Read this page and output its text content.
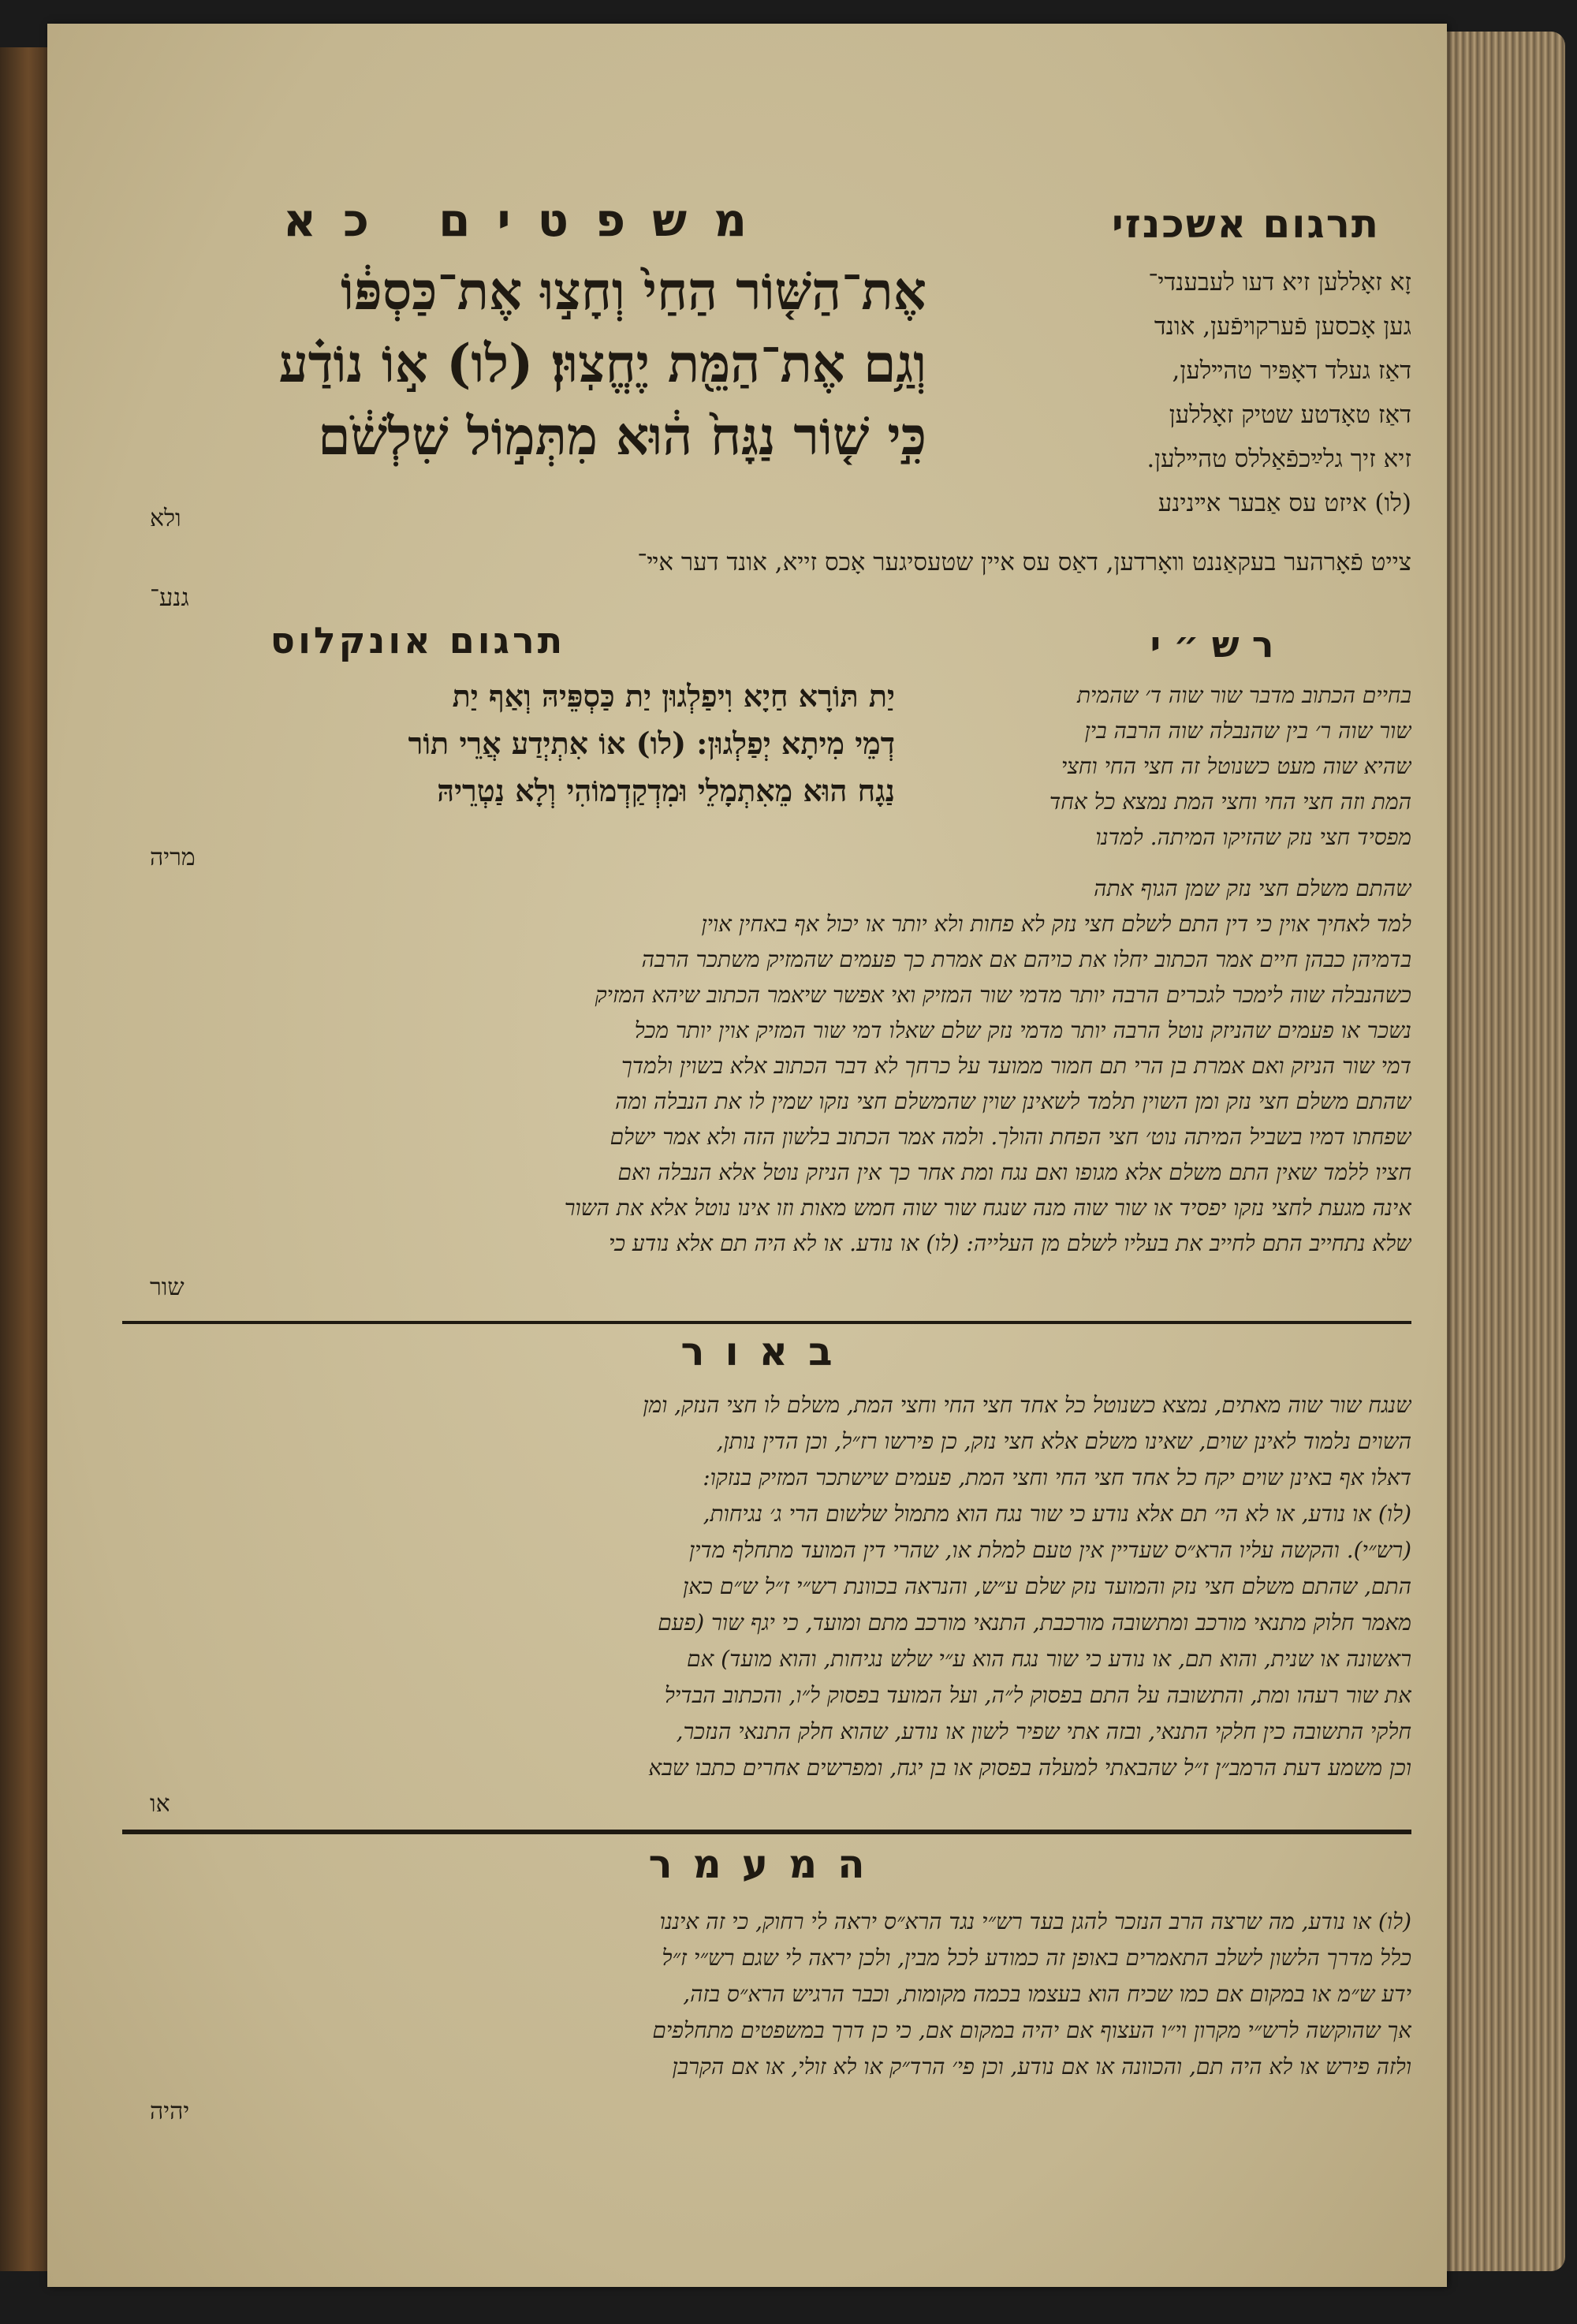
תרגום אשכנזי
משפטים כא
אֶת־הַשּׁ֤וֹר הַחַי֙ וְחָצ֣וּ אֶת־כַּסְפּ֔וֹ
וְגַ֥ם אֶת־הַמֵּ֖ת יֶחֱצֽוּן׃ (לו) א֣וֹ נוֹדַ֗ע
כִּ֣י שׁ֤וֹר נַגָּח֙ ה֔וּא מִתְּמ֣וֹל שִׁלְשֹׁ֔ם
ולא
זָא זאָללען זיא דעו לעבענדי־
גען אָכסען פֿערקױפֿען, אונד
דאַז געלד דאָפּיר טהײלען,
דאַז טאָדטע שטיק זאָללען
זיא זיך גלײַכפֿאַללס טהײלען.
(לו) איזט עס אַבער אײנינע
צייט פֿאָרהער בעקאַננט װאָרדען, דאַס עס איין שטעסיגער אָכס זייא, אונד דער אײ־
גנע־
רש״י
תרגום אונקלוס
בחיים הכתוב מדבר שור שוה ד׳ שהמית
שור שוה ר׳ בין שהנבלה שוה הרבה בין
שהיא שוה מעט כשנוטל זה חצי החי וחצי
המת וזה חצי החי וחצי המת נמצא כל אחד
מפסיד חצי נזק שהזיקו המיתה. למדנו
יַת תּוֹרָא חַיָא וִיפַלְגוּן יַת כַּסְפֵּיהּ וְאַף יַת
דְמֵי מִיתָא יְפַלְגוּן: (לו) אוֹ אִתְיְדַע אֲרֵי תוֹר
נַגָח הוּא מֵאִתְמָלֵי וּמִדְקַדְמוֹהִי וְלָא נַטְרֵיהּ
מריה
שהתם משלם חצי נזק שמן הגוף אתה
למד לאחיך אוין כי דין התם לשלם חצי נזק לא פחות ולא יותר או יכול אף באחין אוין
בדמיהן כבהן חיים אמר הכתוב יחלו את כויהם אם אמרת כך פעמים שהמזיק משתכר הרבה
כשהנבלה שוה לימכר לגכרים הרבה יותר מדמי שור המזיק ואי אפשר שיאמר הכתוב שיהא המזיק
נשכר או פעמים שהניזק נוטל הרבה יותר מדמי נזק שלם שאלו דמי שור המזיק אוין יותר מכל
דמי שור הניזק ואם אמרת בן הרי תם חמור ממועד על כרחך לא דבר הכתוב אלא בשוין ולמדך
שהתם משלם חצי נזק ומן השוין תלמד לשאינן שוין שהמשלם חצי נזקו שמין לו את הנבלה ומה
שפחתו דמיו בשביל המיתה נוט׳ חצי הפחת והולך. ולמה אמר הכתוב בלשון הזה ולא אמר ישלם
חציו ללמד שאין התם משלם אלא מגופו ואם נגח ומת אחר כך אין הניזק נוטל אלא הנבלה ואם
אינה מגעת לחצי נזקו יפסיד או שור שוה מנה שנגח שור שוה חמש מאות וזו אינו נוטל אלא את השור
שלא נתחייב התם לחייב את בעליו לשלם מן העלייה: (לו) או נודע. או לא היה תם אלא נודע כי
שור
באור
שנגח שור שוה מאתים, נמצא כשנוטל כל אחד חצי החי וחצי המת, משלם לו חצי הנזק, ומן
השוים נלמוד לאינן שוים, שאינו משלם אלא חצי נזק, כן פירשו רז״ל, וכן הדין נותן,
דאלו אף באינן שוים יקח כל אחד חצי החי וחצי המת, פעמים שישתכר המזיק בנזקו:
(לו) או נודע, או לא הי׳ תם אלא נודע כי שור נגח הוא מתמול שלשום הרי ג׳ נגיחות,
(רש״י). והקשה עליו הרא״ס שעדיין אין טעם למלת או, שהרי דין המועד מתחלף מדין
התם, שהתם משלם חצי נזק והמועד נזק שלם ע״ש, והנראה בכוונת רש״י ז״ל ש״ם כאן
מאמר חלוק מתנאי מורכב ומתשובה מורכבת, התנאי מורכב מתם ומועד, כי יגף שור (פעם
ראשונה או שנית, והוא תם, או נודע כי שור נגח הוא ע״י שלש נגיחות, והוא מועד) אם
את שור רעהו ומת, והתשובה על התם בפסוק ל״ה, ועל המועד בפסוק ל״ו, והכתוב הבדיל
חלקי התשובה כין חלקי התנאי, ובזה אתי שפיר לשון או נודע, שהוא חלק התנאי הנזכר,
וכן משמע דעת הרמב״ן ז״ל שהבאתי למעלה בפסוק או בן יגח, ומפרשים אחרים כתבו שבא
או
המעמר
(לו) או נודע, מה שרצה הרב הנזכר להגן בעד רש״י נגד הרא״ס יראה לי רחוק, כי זה איננו
כלל מדרך הלשון לשלב התאמרים באופן זה כמודע לכל מבין, ולכן יראה לי שגם רש״י ז״ל
ידע ש״מ או במקום אם כמו שכיח הוא בעצמו בכמה מקומות, וכבר הרגיש הרא״ס בזה,
אך שהוקשה לרש״י מקרון וי״ו העצוף אם יהיה במקום אם, כי כן דרך במשפטים מתחלפים
ולזה פירש או לא היה תם, והכוונה או אם נודע, וכן פי׳ הרד״ק או לא זולי, או אם הקרבן
יהיה
